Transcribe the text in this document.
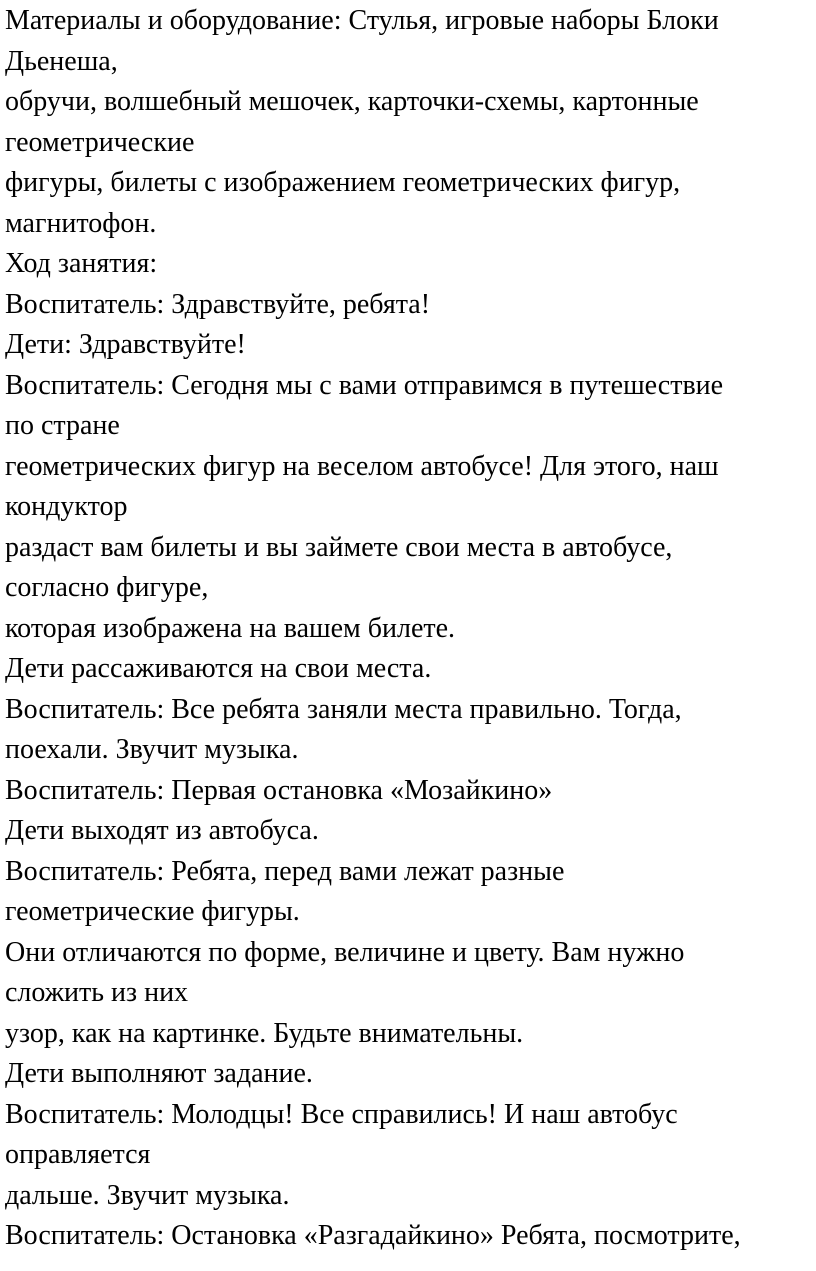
Материалы и оборудование: Стулья, игровые наборы Блоки
Дьенеша,
обручи, волшебный мешочек, карточки-схемы, картонные
геометрические
фигуры, билеты с изображением геометрических фигур,
магнитофон.
Ход занятия:
Воспитатель: Здравствуйте, ребята!
Дети: Здравствуйте!
Воспитатель: Сегодня мы с вами отправимся в путешествие
по стране
геометрических фигур на веселом автобусе! Для этого, наш
кондуктор
раздаст вам билеты и вы займете свои места в автобусе,
согласно фигуре,
которая изображена на вашем билете.
Дети рассаживаются на свои места.
Воспитатель: Все ребята заняли места правильно. Тогда,
поехали. Звучит музыка.
Воспитатель: Первая остановка «Мозайкино»
Дети выходят из автобуса.
Воспитатель: Ребята, перед вами лежат разные
геометрические фигуры.
Они отличаются по форме, величине и цвету. Вам нужно
сложить из них
узор, как на картинке. Будьте внимательны.
Дети выполняют задание.
Воспитатель: Молодцы! Все справились! И наш автобус
оправляется
дальше. Звучит музыка.
Воспитатель: Остановка «Разгадайкино» Ребята, посмотрите,
